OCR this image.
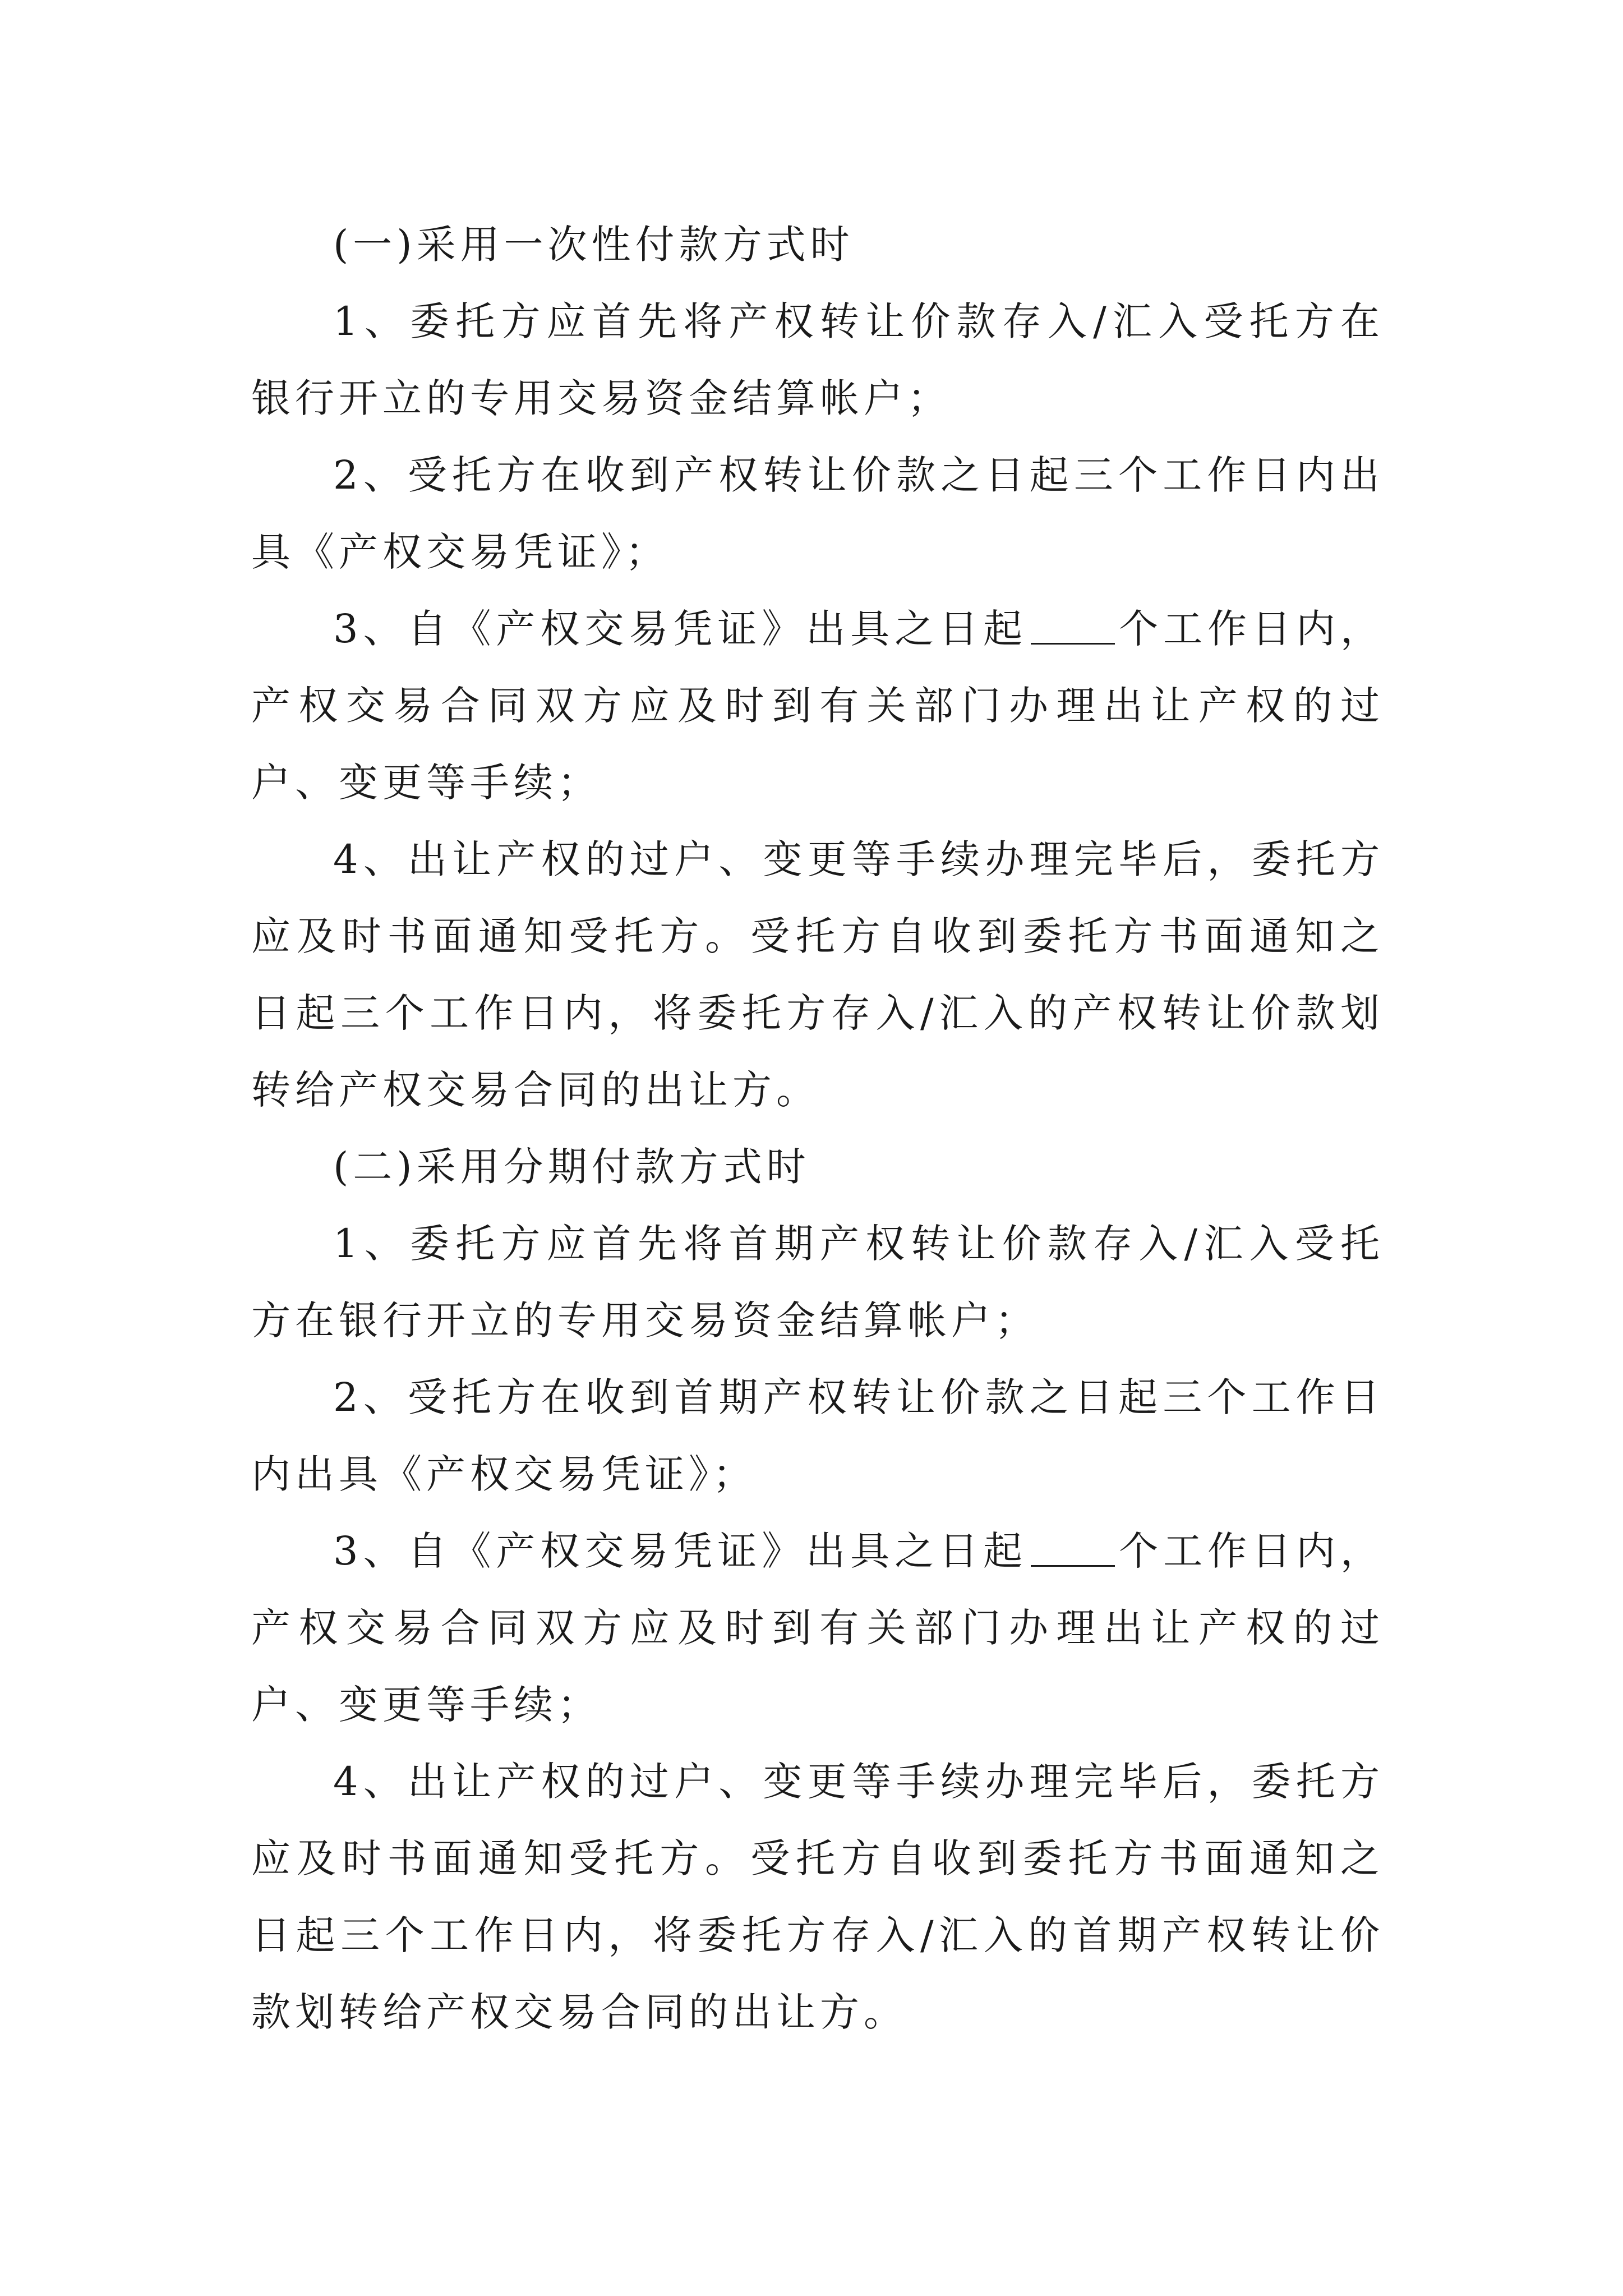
(一)采用一次性付款方式时

1、委托方应首先将产权转让价款存入/汇入受托方在银行开立的专用交易资金结算帐户；

2、受托方在收到产权转让价款之日起三个工作日内出具《产权交易凭证》；

3、自《产权交易凭证》出具之日起 个工作日内，产权交易合同双方应及时到有关部门办理出让产权的过户、变更等手续；

4、出让产权的过户、变更等手续办理完毕后，委托方应及时书面通知受托方。受托方自收到委托方书面通知之日起三个工作日内，将委托方存入/汇入的产权转让价款划转给产权交易合同的出让方。

(二)采用分期付款方式时

1、委托方应首先将首期产权转让价款存入/汇入受托方在银行开立的专用交易资金结算帐户；

2、受托方在收到首期产权转让价款之日起三个工作日内出具《产权交易凭证》；

3、自《产权交易凭证》出具之日起 个工作日内，产权交易合同双方应及时到有关部门办理出让产权的过户、变更等手续；

4、出让产权的过户、变更等手续办理完毕后，委托方应及时书面通知受托方。受托方自收到委托方书面通知之日起三个工作日内，将委托方存入/汇入的首期产权转让价款划转给产权交易合同的出让方。
